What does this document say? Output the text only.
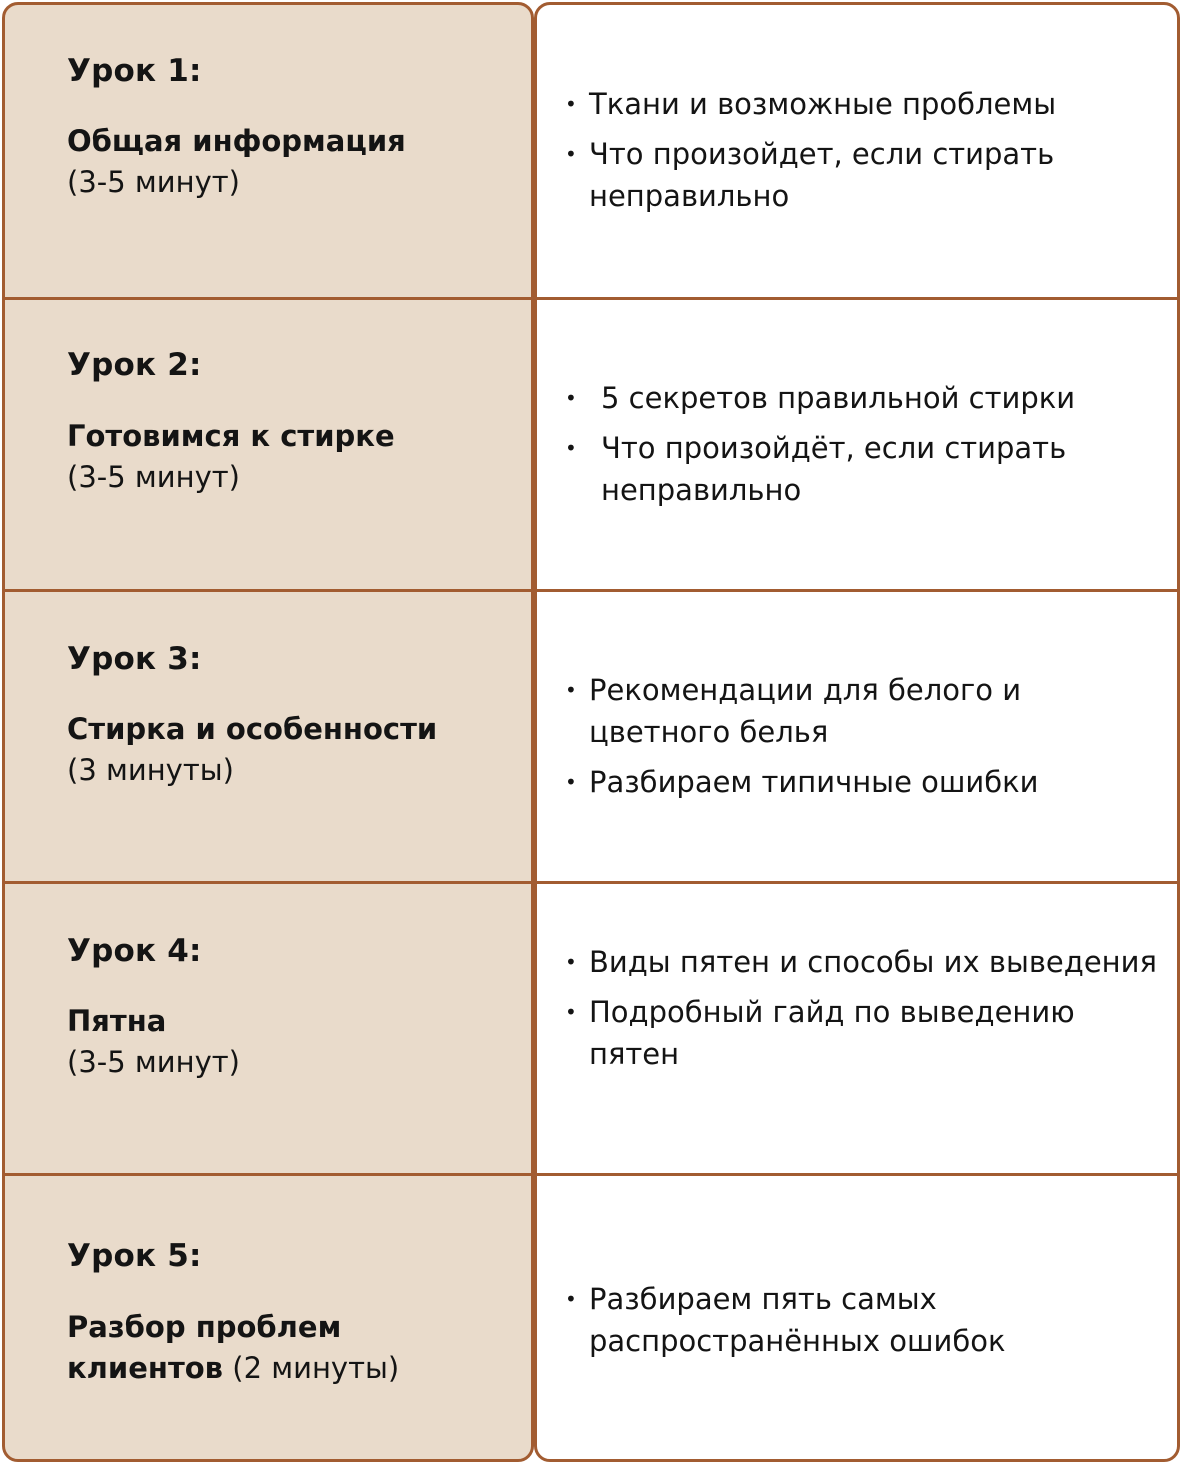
Урок 1:
Общая информация
(3-5 минут)
Урок 2:
Готовимся к стирке
(3-5 минут)
Урок 3:
Стирка и особенности
(3 минуты)
Урок 4:
Пятна
(3-5 минут)
Урок 5:
Разбор проблем клиентов (2 минуты)
• Ткани и возможные проблемы
• Что произойдет, если стирать неправильно
• 5 секретов правильной стирки
• Что произойдёт, если стирать неправильно
• Рекомендации для белого и цветного белья
• Разбираем типичные ошибки
• Виды пятен и способы их выведения
• Подробный гайд по выведению пятен
• Разбираем пять самых распространённых ошибок
